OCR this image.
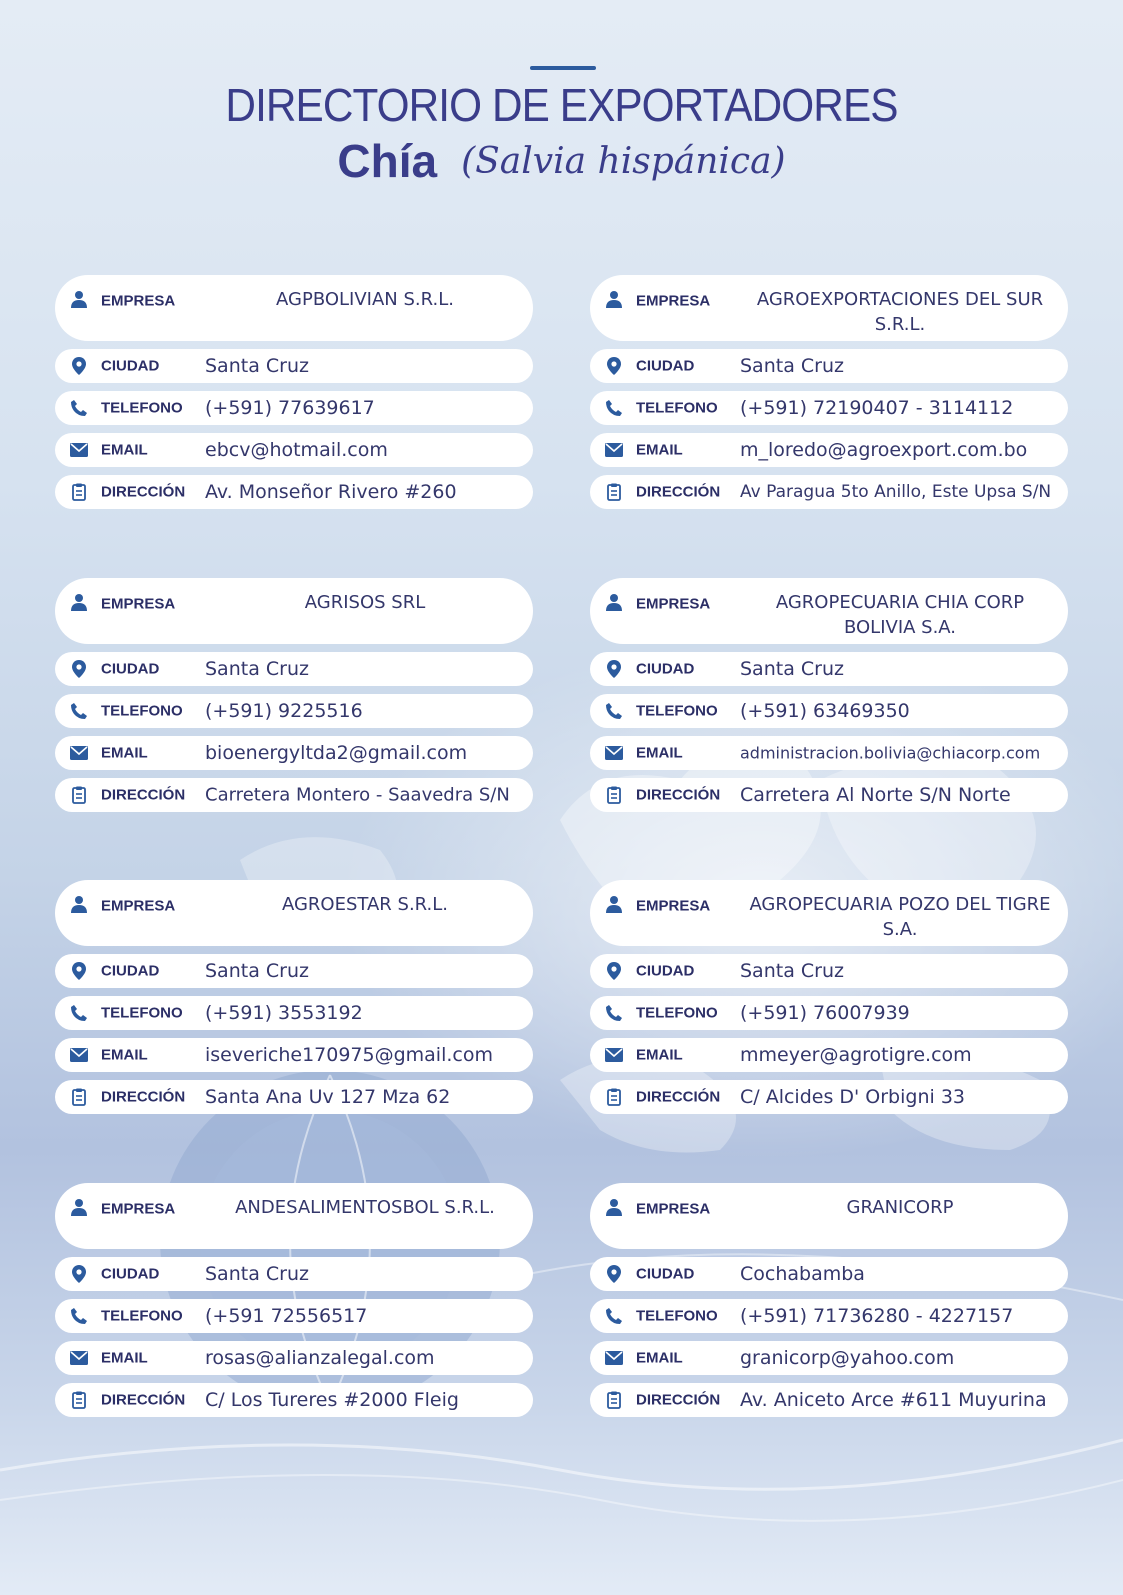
DIRECTORIO DE EXPORTADORES
Chía (Salvia hispánica)
EMPRESA	AGPBOLIVIAN S.R.L.
CIUDAD Santa Cruz
TELEFONO (+591) 77639617
EMAIL	ebcv@hotmail.com
DIRECCIÓN Av. Monseñor Rivero #260
EMPRESA	AGROEXPORTACIONES DEL SUR S.R.L.
CIUDAD Santa Cruz
TELEFONO (+591) 72190407 - 3114112
EMAIL	m_loredo@agroexport.com.bo
DIRECCIÓN Av Paragua 5to Anillo, Este Upsa S/N
EMPRESA	AGRISOS SRL
CIUDAD Santa Cruz
TELEFONO (+591) 9225516
EMAIL	bioenergyltda2@gmail.com
DIRECCIÓN Carretera Montero - Saavedra S/N
EMPRESA	AGROPECUARIA CHIA CORP BOLIVIA S.A.
CIUDAD Santa Cruz
TELEFONO (+591) 63469350
EMAIL	administracion.bolivia@chiacorp.com
DIRECCIÓN Carretera Al Norte S/N Norte
EMPRESA	AGROESTAR S.R.L.
CIUDAD Santa Cruz
TELEFONO (+591) 3553192
EMAIL	iseveriche170975@gmail.com
DIRECCIÓN Santa Ana Uv 127 Mza 62
EMPRESA	AGROPECUARIA POZO DEL TIGRE S.A.
CIUDAD Santa Cruz
TELEFONO (+591) 76007939
EMAIL	mmeyer@agrotigre.com
DIRECCIÓN C/ Alcides D' Orbigni 33
EMPRESA	ANDESALIMENTOSBOL S.R.L.
CIUDAD Santa Cruz
TELEFONO (+591 72556517
EMAIL	rosas@alianzalegal.com
DIRECCIÓN C/ Los Tureres #2000 Fleig
EMPRESA	GRANICORP
CIUDAD Cochabamba
TELEFONO (+591) 71736280 - 4227157
EMAIL	granicorp@yahoo.com
DIRECCIÓN Av. Aniceto Arce #611 Muyurina
